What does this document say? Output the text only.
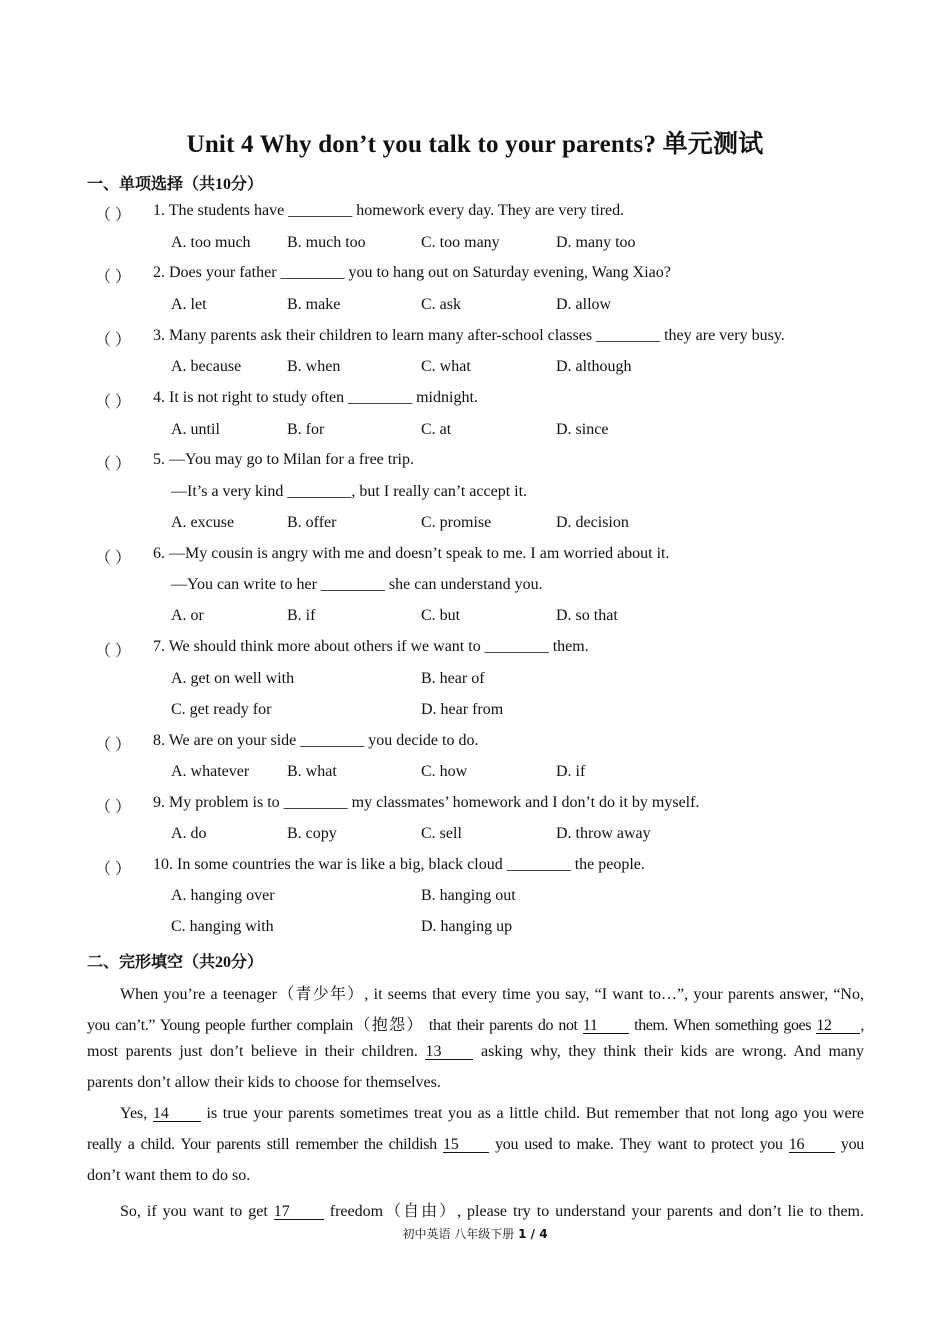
Unit 4 Why don’t you talk to your parents? 单元测试
一、单项选择（共10分）
（ ） 1. The students have ________ homework every day. They are very tired.
A. too much B. much too	C. too many	D. many too
（ ） 2. Does your father ________ you to hang out on Saturday evening, Wang Xiao?
A. let	B. make	C. ask	D. allow
（ ） 3. Many parents ask their children to learn many after-school classes ________ they are very busy.
A. because	B. when	C. what	D. although
（ ） 4. It is not right to study often ________ midnight.
A. until	B. for	C. at	D. since
（ ） 5. —You may go to Milan for a free trip.
—It’s a very kind ________, but I really can’t accept it.
A. excuse	B. offer	C. promise	D. decision
（ ） 6. —My cousin is angry with me and doesn’t speak to me. I am worried about it.
—You can write to her ________ she can understand you.
A. or	B. if	C. but	D. so that
（ ） 7. We should think more about others if we want to ________ them.
A. get on well with	B. hear of
C. get ready for	D. hear from
（ ） 8. We are on your side ________ you decide to do.
A. whatever B. what	C. how	D. if
（ ） 9. My problem is to ________ my classmates’ homework and I don’t do it by myself.
A. do	B. copy	C. sell	D. throw away
（ ） 10. In some countries the war is like a big, black cloud ________ the people.
A. hanging over	B. hanging out
C. hanging with	D. hanging up
二、完形填空（共20分）
When you’re a teenager（青少年）, it seems that every time you say, “I want to…”, your parents answer, “No,
you can’t.” Young people further complain（抱怨） that their parents do not 11 them. When something goes 12 ,
most parents just don’t believe in their children. 13 asking why, they think their kids are wrong. And many
parents don’t allow their kids to choose for themselves.
Yes, 14 is true your parents sometimes treat you as a little child. But remember that not long ago you were
really a child. Your parents still remember the childish 15 you used to make. They want to protect you 16 you
don’t want them to do so.
So, if you want to get 17	freedom（自由）, please try to understand your parents and don’t lie to them.
初中英语 八年级下册 1 / 4
